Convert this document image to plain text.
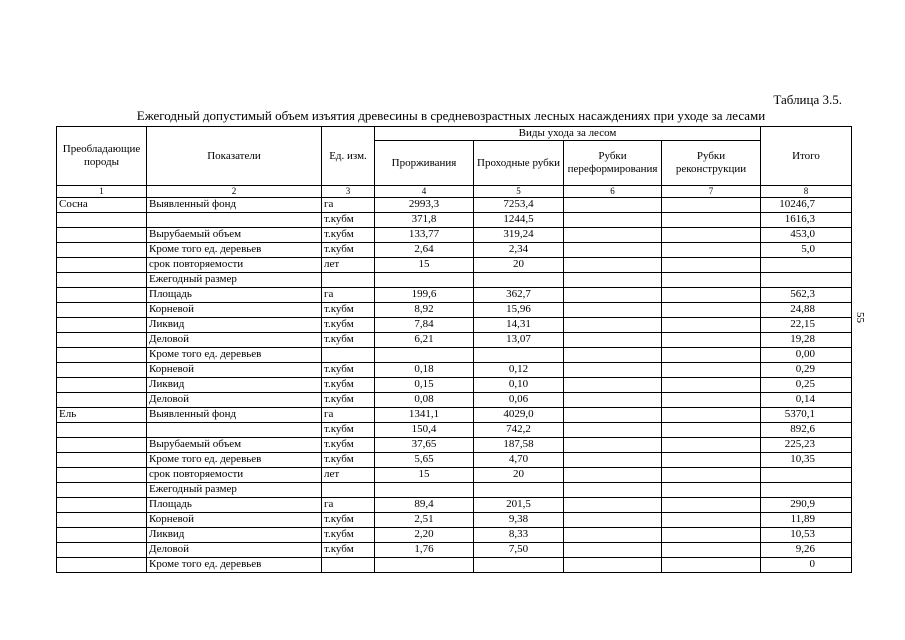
Таблица 3.5.
Ежегодный допустимый объем изъятия древесины в средневозрастных лесных насаждениях при уходе за лесами
55
Преобладающие породы	Показатели	Ед. изм.	Виды ухода за лесом				Итого
			Прорживания	Проходные рубки	Рубки переформирования	Рубки реконструкции	
1	2	3	4	5	6	7	8
Сосна	Выявленный фонд	га	2993,3	7253,4			10246,7
		т.кубм	371,8	1244,5			1616,3
	Вырубаемый объем	т.кубм	133,77	319,24			453,0
	Кроме того ед. деревьев	т.кубм	2,64	2,34			5,0
	срок повторяемости	лет	15	20			
	Ежегодный размер						
	Площадь	га	199,6	362,7			562,3
	Корневой	т.кубм	8,92	15,96			24,88
	Ликвид	т.кубм	7,84	14,31			22,15
	Деловой	т.кубм	6,21	13,07			19,28
	Кроме того ед. деревьев						0,00
	Корневой	т.кубм	0,18	0,12			0,29
	Ликвид	т.кубм	0,15	0,10			0,25
	Деловой	т.кубм	0,08	0,06			0,14
Ель	Выявленный фонд	га	1341,1	4029,0			5370,1
		т.кубм	150,4	742,2			892,6
	Вырубаемый объем	т.кубм	37,65	187,58			225,23
	Кроме того ед. деревьев	т.кубм	5,65	4,70			10,35
	срок повторяемости	лет	15	20			
	Ежегодный размер						
	Площадь	га	89,4	201,5			290,9
	Корневой	т.кубм	2,51	9,38			11,89
	Ликвид	т.кубм	2,20	8,33			10,53
	Деловой	т.кубм	1,76	7,50			9,26
	Кроме того ед. деревьев						0
